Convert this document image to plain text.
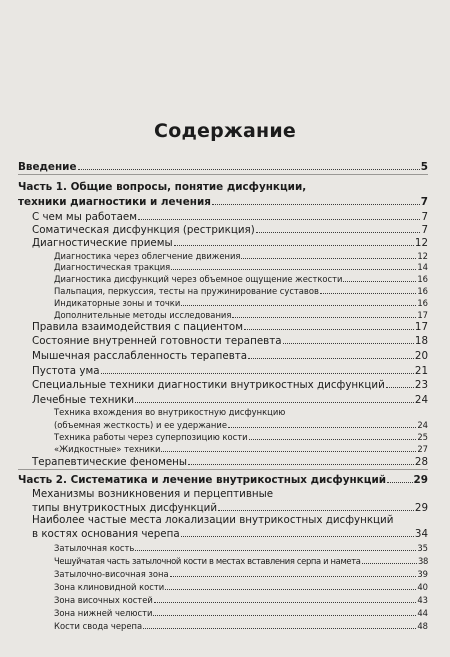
Содержание
Введение	5
Часть 1. Общие вопросы, понятие дисфункции,
техники диагностики и лечения	7
С чем мы работаем	7
Соматическая дисфункция (рестрикция)	7
Диагностические приемы	12
Диагностика через облегчение движения	12
Диагностическая тракция	14
Диагностика дисфункций через объемное ощущение жесткости	16
Пальпация, перкуссия, тесты на пружинирование суставов	16
Индикаторные зоны и точки	16
Дополнительные методы исследования	17
Правила взаимодействия с пациентом	17
Состояние внутренней готовности терапевта	18
Мышечная расслабленность терапевта	20
Пустота ума	21
Специальные техники диагностики внутрикостных дисфункций	23
Лечебные техники	24
Техника вхождения во внутрикостную дисфункцию
(объемная жесткость) и ее удержание	24
Техника работы через суперпозицию кости	25
«Жидкостные» техники	27
Терапевтические феномены	28
Часть 2. Систематика и лечение внутрикостных дисфункций	29
Механизмы возникновения и перцептивные
типы внутрикостных дисфункций	29
Наиболее частые места локализации внутрикостных дисфункций
в костях основания черепа	34
Затылочная кость	35
Чешуйчатая часть затылочной кости в местах вставления серпа и намета	38
Затылочно-височная зона	39
Зона клиновидной кости	40
Зона височных костей	43
Зона нижней челюсти	44
Кости свода черепа	48
